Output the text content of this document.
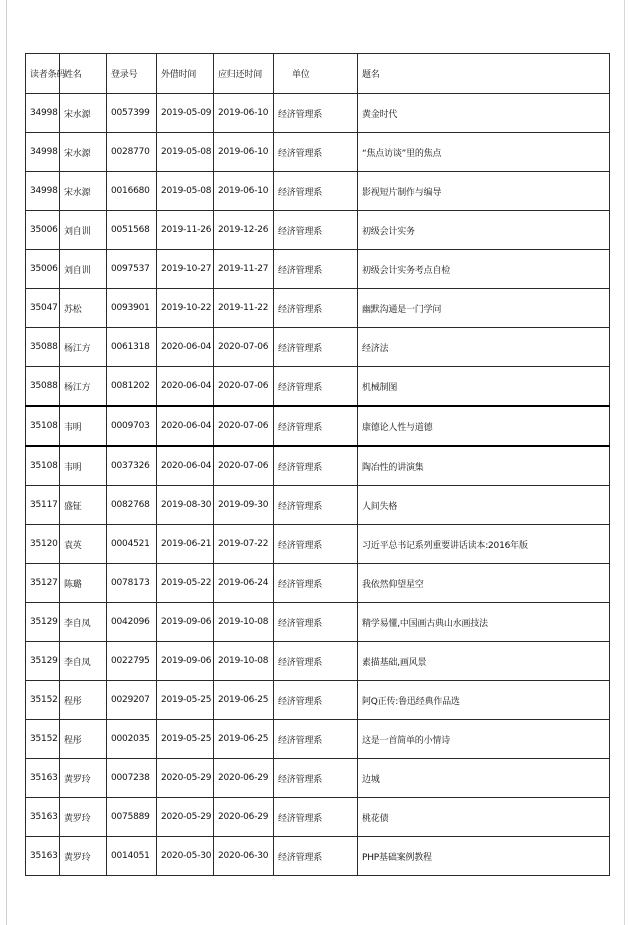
读者条码	姓名	登录号	外借时间	应归还时间	单位	题名
34998	宋水源	0057399	2019-05-09	2019-06-10	经济管理系	黄金时代
34998	宋水源	0028770	2019-05-08	2019-06-10	经济管理系	“焦点访谈”里的焦点
34998	宋水源	0016680	2019-05-08	2019-06-10	经济管理系	影视短片制作与编导
35006	刘自训	0051568	2019-11-26	2019-12-26	经济管理系	初级会计实务
35006	刘自训	0097537	2019-10-27	2019-11-27	经济管理系	初级会计实务考点自检
35047	苏松	0093901	2019-10-22	2019-11-22	经济管理系	幽默沟通是一门学问
35088	杨江方	0061318	2020-06-04	2020-07-06	经济管理系	经济法
35088	杨江方	0081202	2020-06-04	2020-07-06	经济管理系	机械制图
35108	韦明	0009703	2020-06-04	2020-07-06	经济管理系	康德论人性与道德
35108	韦明	0037326	2020-06-04	2020-07-06	经济管理系	陶冶性的讲演集
35117	盛钲	0082768	2019-08-30	2019-09-30	经济管理系	人间失格
35120	袁英	0004521	2019-06-21	2019-07-22	经济管理系	习近平总书记系列重要讲话读本:2016年版
35127	陈璐	0078173	2019-05-22	2019-06-24	经济管理系	我依然仰望星空
35129	李自凤	0042096	2019-09-06	2019-10-08	经济管理系	精学易懂,中国画古典山水画技法
35129	李自凤	0022795	2019-09-06	2019-10-08	经济管理系	素描基础,画风景
35152	程彤	0029207	2019-05-25	2019-06-25	经济管理系	阿Q正传:鲁迅经典作品选
35152	程彤	0002035	2019-05-25	2019-06-25	经济管理系	这是一首简单的小情诗
35163	黄罗玲	0007238	2020-05-29	2020-06-29	经济管理系	边城
35163	黄罗玲	0075889	2020-05-29	2020-06-29	经济管理系	桃花债
35163	黄罗玲	0014051	2020-05-30	2020-06-30	经济管理系	PHP基础案例教程
